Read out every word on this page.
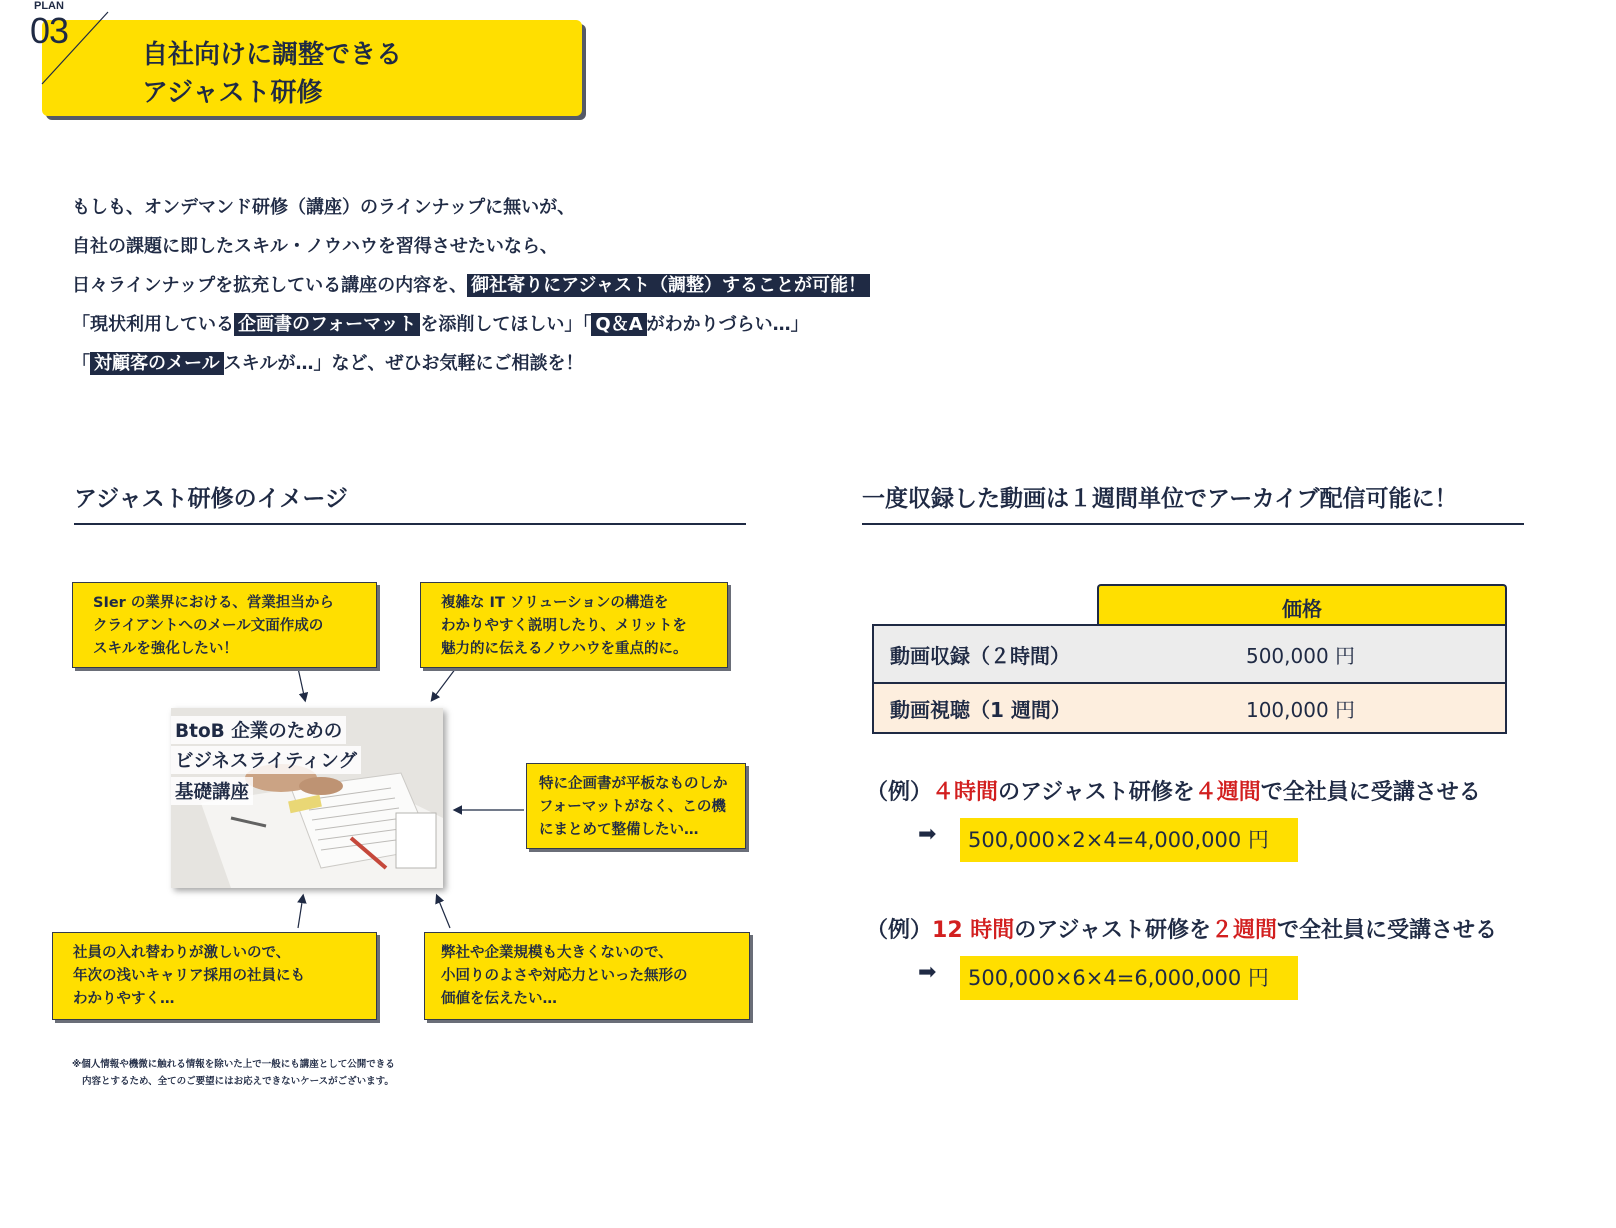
PLAN
自社向けに調整できる
アジャスト研修
03
もしも、オンデマンド研修（講座）のラインナップに無いが、
自社の課題に即したスキル・ノウハウを習得させたいなら、
日々ラインナップを拡充している講座の内容を、 御社寄りにアジャスト（調整）することが可能！
「現状利用している 企画書のフォーマット を添削してほしい」「 Q＆A がわかりづらい…」
「 対顧客のメール スキルが…」など、ぜひお気軽にご相談を！
アジャスト研修のイメージ
SIer の業界における、営業担当から
クライアントへのメール文面作成の
スキルを強化したい！
複雑な IT ソリューションの構造を
わかりやすく説明したり、メリットを
魅力的に伝えるノウハウを重点的に。
特に企画書が平板なものしか
フォーマットがなく、この機
にまとめて整備したい…
社員の入れ替わりが激しいので、
年次の浅いキャリア採用の社員にも
わかりやすく…
弊社や企業規模も大きくないので、
小回りのよさや対応力といった無形の
価値を伝えたい…
BtoB 企業のための
ビジネスライティング
基礎講座
※個人情報や機微に触れる情報を除いた上で一般にも講座として公開できる
内容とするため、全てのご要望にはお応えできないケースがございます。
一度収録した動画は１週間単位でアーカイブ配信可能に！
価格
動画収録（２時間）	500,000 円
動画視聴（1 週間）	100,000 円
（例）４時間のアジャスト研修を４週間で全社員に受講させる
➡	500,000×2×4=4,000,000 円
（例）12 時間のアジャスト研修を２週間で全社員に受講させる
➡	500,000×6×4=6,000,000 円
